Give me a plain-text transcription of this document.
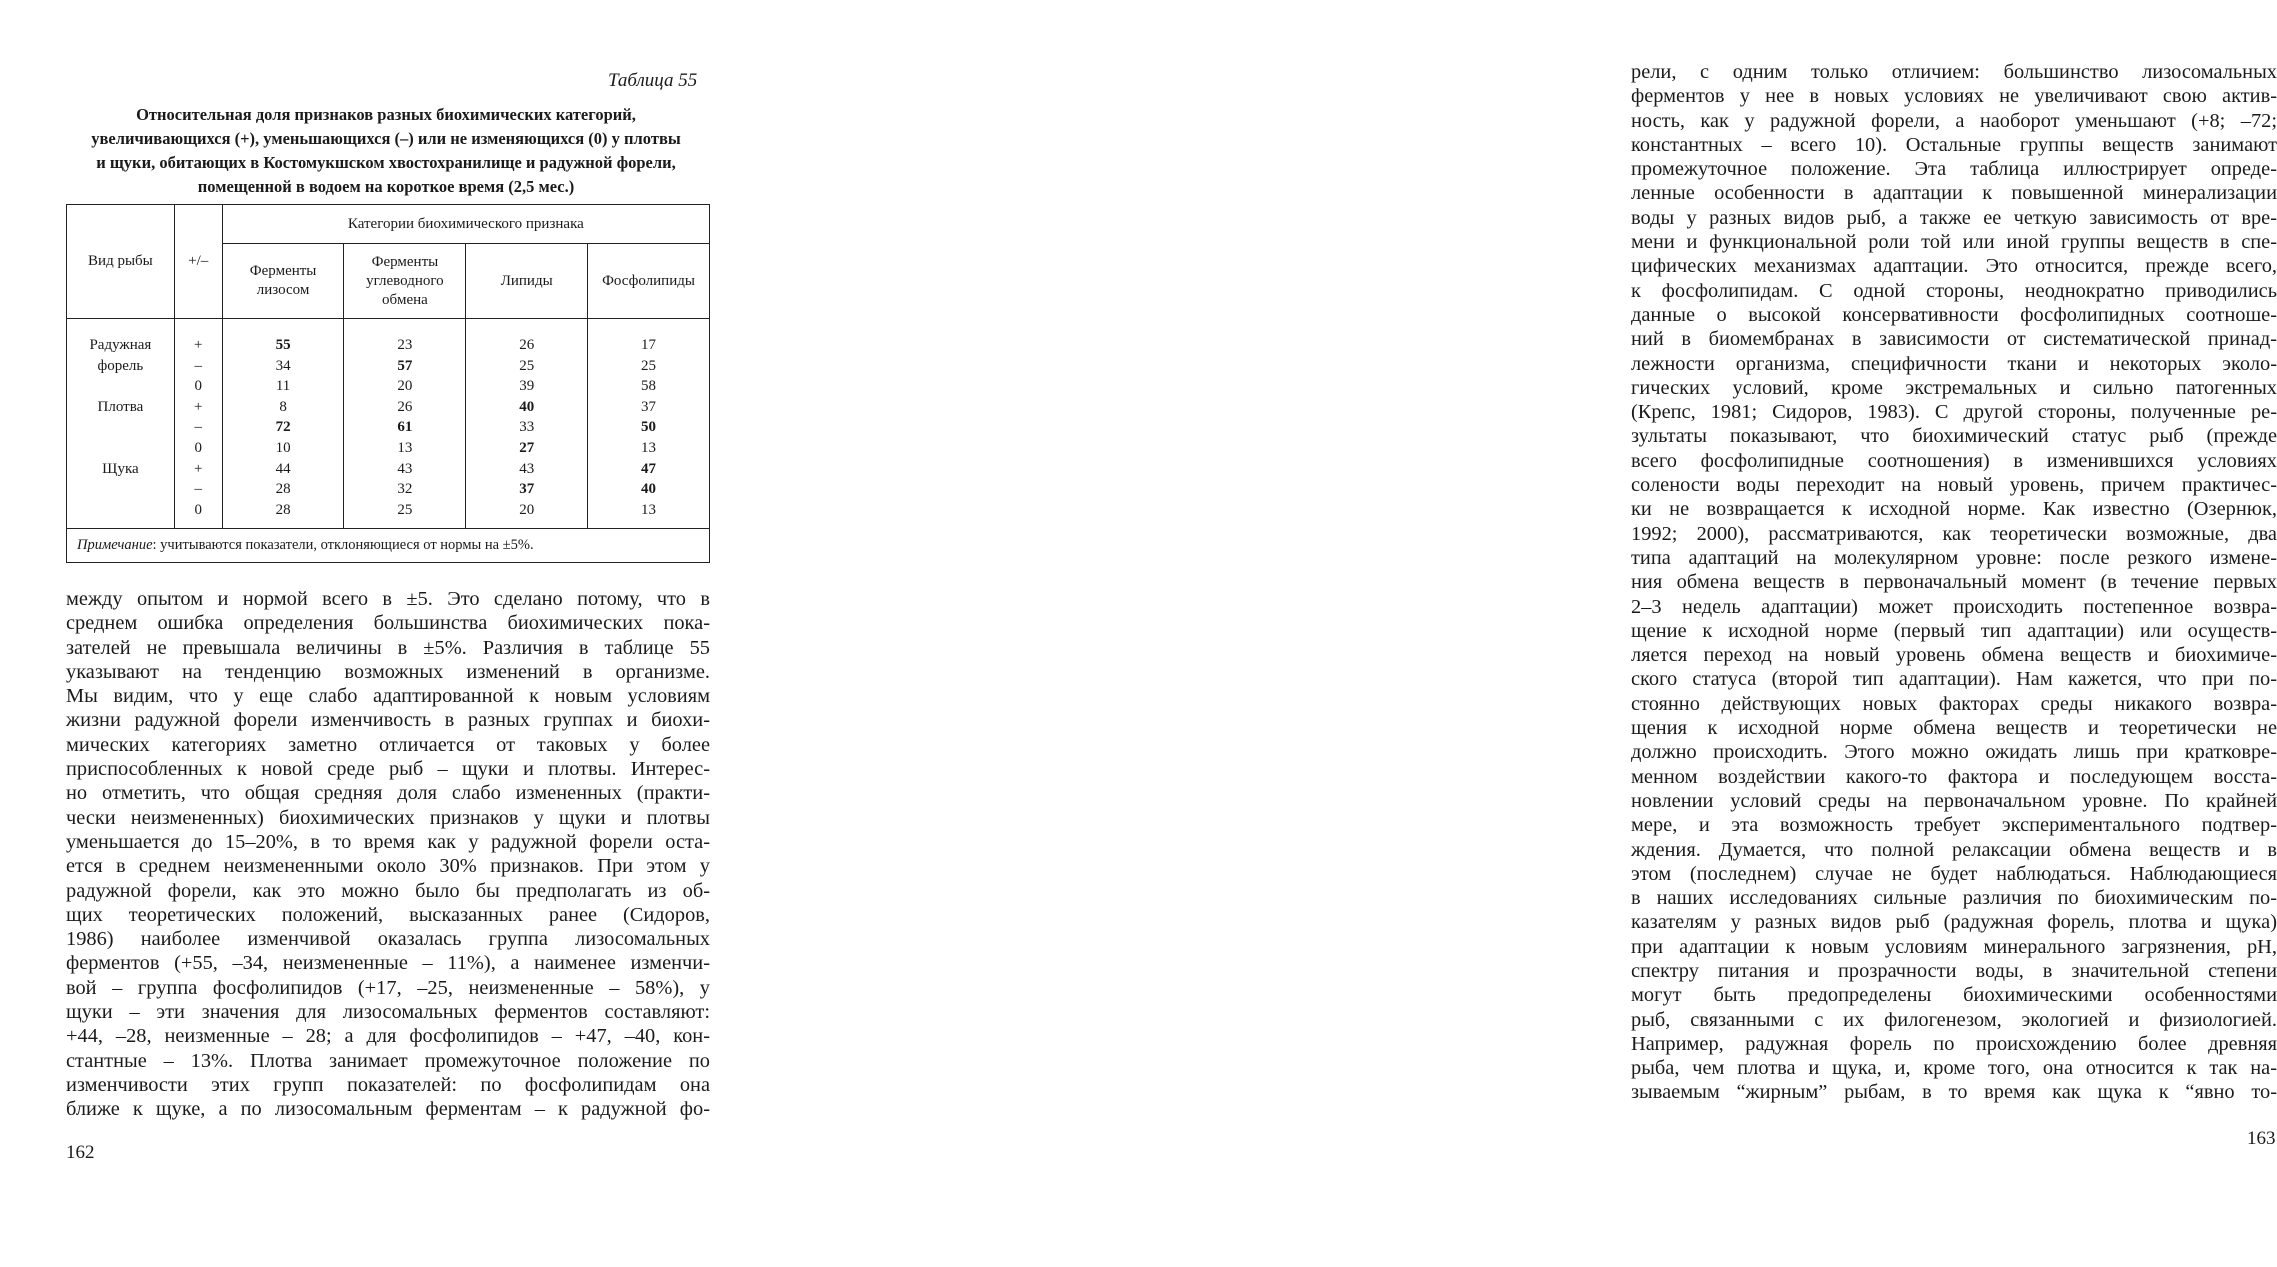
Таблица 55
Относительная доля признаков разных биохимических категорий,
увеличивающихся (+), уменьшающихся (–) или не изменяющихся (0) у плотвы
и щуки, обитающих в Костомукшском хвостохранилище и радужной форели,
помещенной в водоем на короткое время (2,5 мес.)
Вид рыбы	+/–	Категории биохимического признака			
		Ферменты лизосом	Ферменты углеводного обмена	Липиды	Фосфолипиды
Радужная	+	55	23	26	17
форель	–	34	57	25	25
	0	11	20	39	58
Плотва	+	8	26	40	37
	–	72	61	33	50
	0	10	13	27	13
Щука	+	44	43	43	47
	–	28	32	37	40
	0	28	25	20	13
Примечание: учитываются показатели, отклоняющиеся от нормы на ±5%.					
между опытом и нормой всего в ±5. Это сделано потому, что в
среднем ошибка определения большинства биохимических пока-
зателей не превышала величины в ±5%. Различия в таблице 55
указывают на тенденцию возможных изменений в организме.
Мы видим, что у еще слабо адаптированной к новым условиям
жизни радужной форели изменчивость в разных группах и биохи-
мических категориях заметно отличается от таковых у более
приспособленных к новой среде рыб – щуки и плотвы. Интерес-
но отметить, что общая средняя доля слабо измененных (практи-
чески неизмененных) биохимических признаков у щуки и плотвы
уменьшается до 15–20%, в то время как у радужной форели оста-
ется в среднем неизмененными около 30% признаков. При этом у
радужной форели, как это можно было бы предполагать из об-
щих теоретических положений, высказанных ранее (Сидоров,
1986) наиболее изменчивой оказалась группа лизосомальных
ферментов (+55, –34, неизмененные – 11%), а наименее изменчи-
вой – группа фосфолипидов (+17, –25, неизмененные – 58%), у
щуки – эти значения для лизосомальных ферментов составляют:
+44, –28, неизменные – 28; а для фосфолипидов – +47, –40, кон-
стантные – 13%. Плотва занимает промежуточное положение по
изменчивости этих групп показателей: по фосфолипидам она
ближе к щуке, а по лизосомальным ферментам – к радужной фо-
162
рели, с одним только отличием: большинство лизосомальных
ферментов у нее в новых условиях не увеличивают свою актив-
ность, как у радужной форели, а наоборот уменьшают (+8; –72;
константных – всего 10). Остальные группы веществ занимают
промежуточное положение. Эта таблица иллюстрирует опреде-
ленные особенности в адаптации к повышенной минерализации
воды у разных видов рыб, а также ее четкую зависимость от вре-
мени и функциональной роли той или иной группы веществ в спе-
цифических механизмах адаптации. Это относится, прежде всего,
к фосфолипидам. С одной стороны, неоднократно приводились
данные о высокой консервативности фосфолипидных соотноше-
ний в биомембранах в зависимости от систематической принад-
лежности организма, специфичности ткани и некоторых эколо-
гических условий, кроме экстремальных и сильно патогенных
(Крепс, 1981; Сидоров, 1983). С другой стороны, полученные ре-
зультаты показывают, что биохимический статус рыб (прежде
всего фосфолипидные соотношения) в изменившихся условиях
солености воды переходит на новый уровень, причем практичес-
ки не возвращается к исходной норме. Как известно (Озернюк,
1992; 2000), рассматриваются, как теоретически возможные, два
типа адаптаций на молекулярном уровне: после резкого измене-
ния обмена веществ в первоначальный момент (в течение первых
2–3 недель адаптации) может происходить постепенное возвра-
щение к исходной норме (первый тип адаптации) или осуществ-
ляется переход на новый уровень обмена веществ и биохимиче-
ского статуса (второй тип адаптации). Нам кажется, что при по-
стоянно действующих новых факторах среды никакого возвра-
щения к исходной норме обмена веществ и теоретически не
должно происходить. Этого можно ожидать лишь при кратковре-
менном воздействии какого-то фактора и последующем восста-
новлении условий среды на первоначальном уровне. По крайней
мере, и эта возможность требует экспериментального подтвер-
ждения. Думается, что полной релаксации обмена веществ и в
этом (последнем) случае не будет наблюдаться. Наблюдающиеся
в наших исследованиях сильные различия по биохимическим по-
казателям у разных видов рыб (радужная форель, плотва и щука)
при адаптации к новым условиям минерального загрязнения, pH,
спектру питания и прозрачности воды, в значительной степени
могут быть предопределены биохимическими особенностями
рыб, связанными с их филогенезом, экологией и физиологией.
Например, радужная форель по происхождению более древняя
рыба, чем плотва и щука, и, кроме того, она относится к так на-
зываемым “жирным” рыбам, в то время как щука к “явно то-
163
